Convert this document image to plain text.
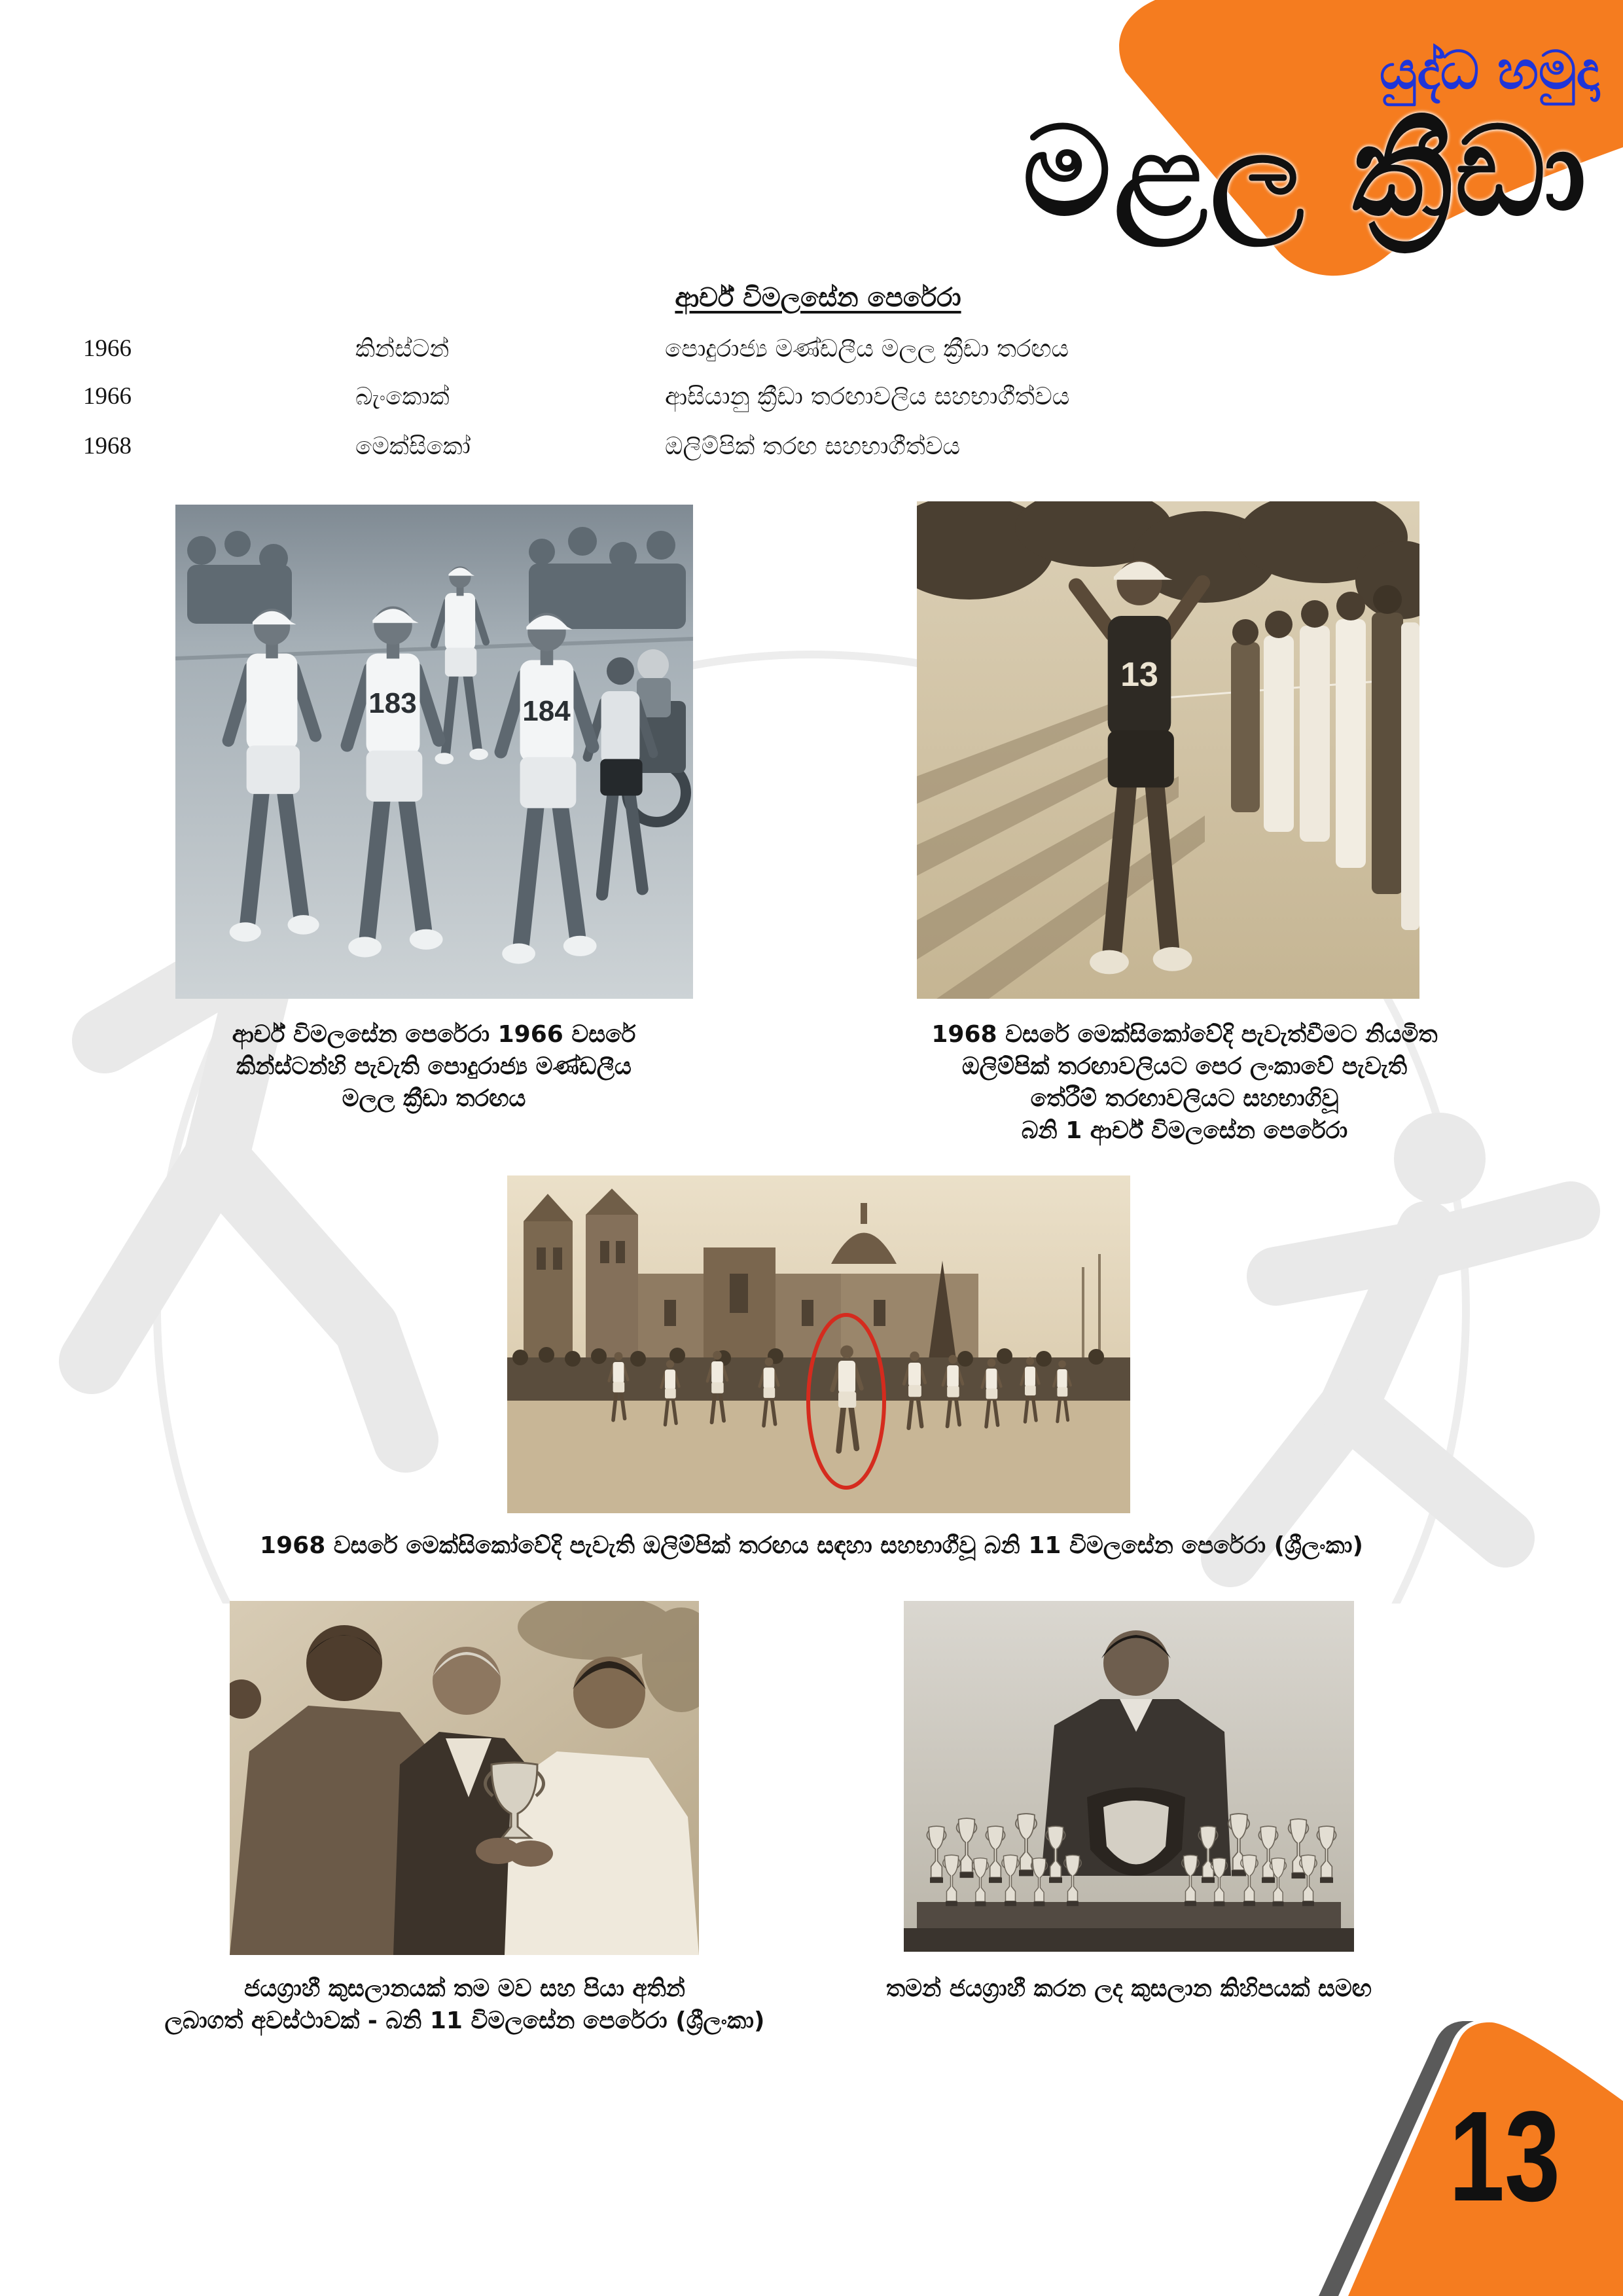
යුද්ධ හමුදා
මළල ක්‍රීඩා
ආර්ච් විමලසේන පෙරේරා
1966	කින්ස්ටන්	පොදුරාජ්‍ය මණ්ඩලීය මලල ක්‍රීඩා තරඟය
1966	බැංකොක්	ආසියානු ක්‍රීඩා තරඟාවලිය සහභාගීත්වය
1968	මෙක්සිකෝ	ඔලිම්පික් තරඟ සහභාගීත්වය
183	184
13
ආර්ච් විමලසේන පෙරේරා 1966 වසරේ
කින්ස්ටන්හි පැවැති පොදුරාජ්‍ය මණ්ඩලීය
මලල ක්‍රීඩා තරඟය
1968 වසරේ මෙක්සිකෝවේදි පැවැත්වීමට නියමිත
ඔලිම්පික් තරඟාවලියට පෙර ලංකාවේ පැවැති
තේරීම් තරඟාවලියට සහභාගිවූ
බනි 1 ආර්ච් විමලසේන පෙරේරා
1968 වසරේ මෙක්සිකෝවේදි පැවැති ඔලිම්පික් තරඟය සඳහා සහභාගීවූ බනි 11 විමලසේන පෙරේරා (ශ්‍රීලංකා)
ජයග්‍රාහී කුසලානයක් තම මව සහ පියා අතින්
ලබාගත් අවස්ථාවක් - බනි 11 විමලසේන පෙරේරා (ශ්‍රීලංකා)
තමන් ජයග්‍රාහී කරන ලද කුසලාන කිහිපයක් සමඟ
13
